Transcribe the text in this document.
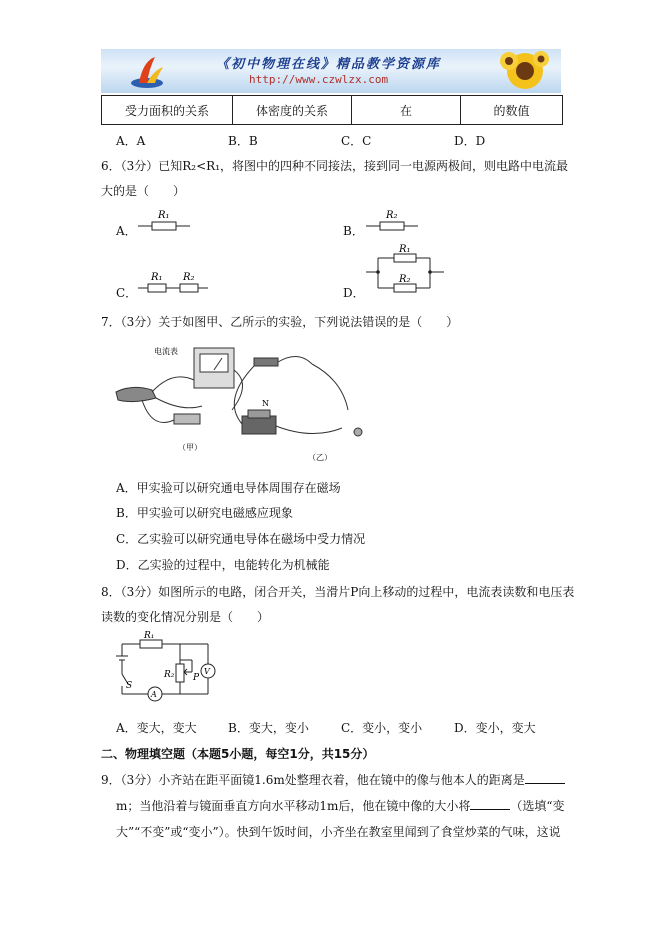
《初中物理在线》精品教学资源库
http://www.czwlzx.com
受力面积的关系	体密度的关系	在	的数值
A．A	B．B	C．C	D．D
6．（3分）已知R₂<R₁，将图中的四种不同接法，接到同一电源两极间，则电路中电流最
大的是（　　）
A．
R₁
B．
R₂
C．
R₁ R₂
D．
R₁
R₂
7．（3分）关于如图甲、乙所示的实验，下列说法错误的是（　　）
电流表
N
（甲）
（乙）
A．甲实验可以研究通电导体周围存在磁场
B．甲实验可以研究电磁感应现象
C．乙实验可以研究通电导体在磁场中受力情况
D．乙实验的过程中，电能转化为机械能
8．（3分）如图所示的电路，闭合开关，当滑片P向上移动的过程中，电流表读数和电压表
读数的变化情况分别是（　　）
R₁
R₂ P
S
A
V
A．变大，变大	B．变大，变小	C．变小，变小	D．变小，变大
二、物理填空题（本题5小题，每空1分，共15分）
9．（3分）小齐站在距平面镜1.6m处整理衣着，他在镜中的像与他本人的距离是
m；当他沿着与镜面垂直方向水平移动1m后，他在镜中像的大小将	（选填“变
大”“不变”或“变小”）。快到午饭时间，小齐坐在教室里闻到了食堂炒菜的气味，这说
